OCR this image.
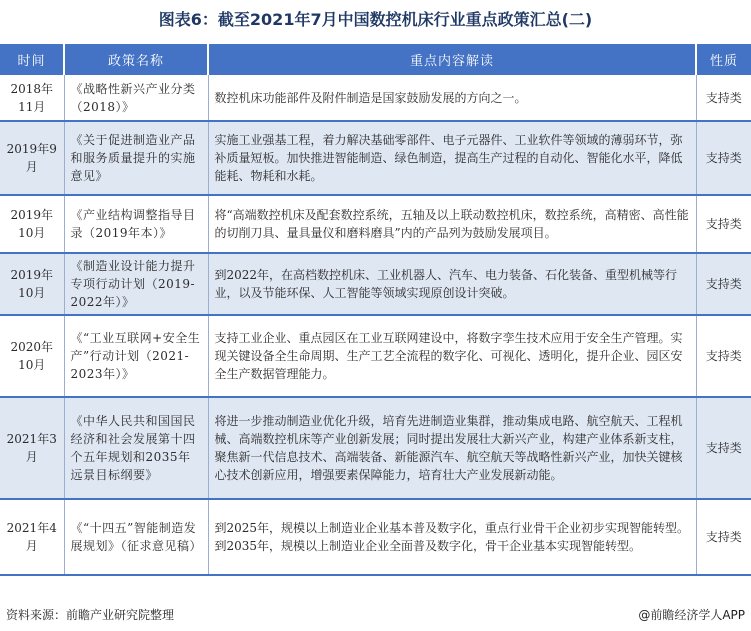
图表6：截至2021年7月中国数控机床行业重点政策汇总(二)
时间	政策名称	重点内容解读	性质
2018年11月	《战略性新兴产业分类（2018）》	数控机床功能部件及附件制造是国家鼓励发展的方向之一。	支持类
2019年9月	《关于促进制造业产品和服务质量提升的实施意见》	实施工业强基工程，着力解决基础零部件、电子元器件、工业软件等领域的薄弱环节，弥补质量短板。加快推进智能制造、绿色制造，提高生产过程的自动化、智能化水平，降低能耗、物耗和水耗。	支持类
2019年10月	《产业结构调整指导目录（2019年本）》	将“高端数控机床及配套数控系统，五轴及以上联动数控机床，数控系统，高精密、高性能的切削刀具、量具量仪和磨料磨具”内的产品列为鼓励发展项目。	支持类
2019年10月	《制造业设计能力提升专项行动计划（2019-2022年）》	到2022年，在高档数控机床、工业机器人、汽车、电力装备、石化装备、重型机械等行业，以及节能环保、人工智能等领域实现原创设计突破。	支持类
2020年10月	《“工业互联网+安全生产”行动计划（2021-2023年）》	支持工业企业、重点园区在工业互联网建设中，将数字孪生技术应用于安全生产管理。实现关键设备全生命周期、生产工艺全流程的数字化、可视化、透明化，提升企业、园区安全生产数据管理能力。	支持类
2021年3月	《中华人民共和国国民经济和社会发展第十四个五年规划和2035年远景目标纲要》	将进一步推动制造业优化升级，培育先进制造业集群，推动集成电路、航空航天、工程机械、高端数控机床等产业创新发展；同时提出发展壮大新兴产业，构建产业体系新支柱，聚焦新一代信息技术、高端装备、新能源汽车、航空航天等战略性新兴产业，加快关键核心技术创新应用，增强要素保障能力，培育壮大产业发展新动能。	支持类
2021年4月	《“十四五”智能制造发展规划》（征求意见稿）	到2025年，规模以上制造业企业基本普及数字化，重点行业骨干企业初步实现智能转型。到2035年，规模以上制造业企业全面普及数字化，骨干企业基本实现智能转型。	支持类
资料来源：前瞻产业研究院整理	@前瞻经济学人APP
